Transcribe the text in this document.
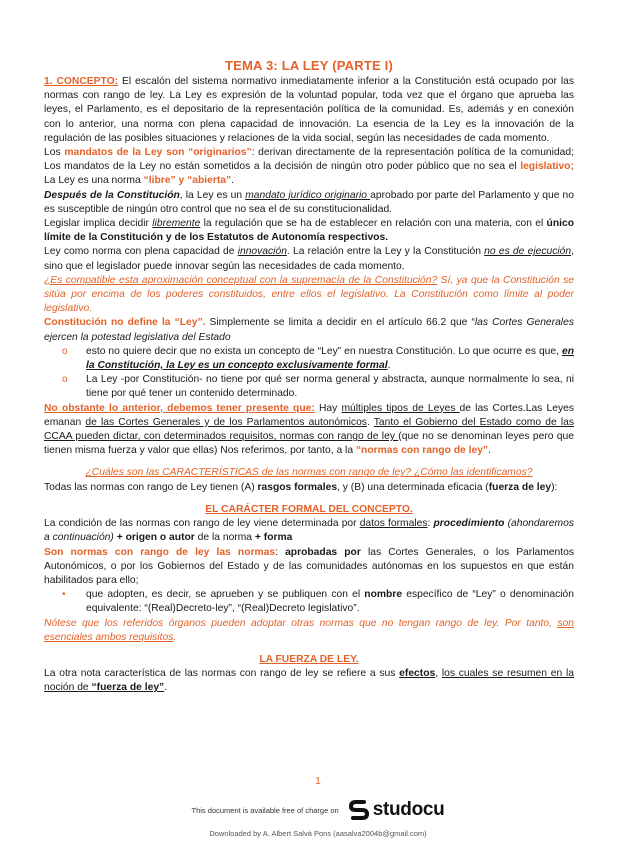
TEMA 3: LA LEY (PARTE I)

1. CONCEPTO: El escalón del sistema normativo inmediatamente inferior a la Constitución está ocupado por las normas con rango de ley. La Ley es expresión de la voluntad popular, toda vez que el órgano que aprueba las leyes, el Parlamento, es el depositario de la representación política de la comunidad. Es, además y en conexión con lo anterior, una norma con plena capacidad de innovación. La esencia de la Ley es la innovación de la regulación de las posibles situaciones y relaciones de la vida social, según las necesidades de cada momento.

Los mandatos de la Ley son “originarios”: derivan directamente de la representación política de la comunidad; Los mandatos de la Ley no están sometidos a la decisión de ningún otro poder público que no sea el legislativo; La Ley es una norma “libre” y “abierta”.

Después de la Constitución, la Ley es un mandato jurídico originario aprobado por parte del Parlamento y que no es susceptible de ningún otro control que no sea el de su constitucionalidad.

Legislar implica decidir libremente la regulación que se ha de establecer en relación con una materia, con el único límite de la Constitución y de los Estatutos de Autonomía respectivos.

Ley como norma con plena capacidad de innovación. La relación entre la Ley y la Constitución no es de ejecución, sino que el legislador puede innovar según las necesidades de cada momento.

¿Es compatible esta aproximación conceptual con la supremacía de la Constitución? Sí, ya que la Constitución se sitúa por encima de los poderes constituidos, entre ellos el legislativo. La Constitución como límite al poder legislativo.

Constitución no define la “Ley”. Simplemente se limita a decidir en el artículo 66.2 que “las Cortes Generales ejercen la potestad legislativa del Estado

o esto no quiere decir que no exista un concepto de “Ley” en nuestra Constitución. Lo que ocurre es que, en la Constitución, la Ley es un concepto exclusivamente formal.
o La Ley -por Constitución- no tiene por qué ser norma general y abstracta, aunque normalmente lo sea, ni tiene por qué tener un contenido determinado.

No obstante lo anterior, debemos tener presente que: Hay múltiples tipos de Leyes de las Cortes.Las Leyes emanan de las Cortes Generales y de los Parlamentos autonómicos. Tanto el Gobierno del Estado como de las CCAA pueden dictar, con determinados requisitos, normas con rango de ley (que no se denominan leyes pero que tienen misma fuerza y valor que ellas) Nos referimos, por tanto, a la “normas con rango de ley”.

¿Cuáles son las CARACTERÍSTICAS de las normas con rango de ley? ¿Cómo las identificamos?

Todas las normas con rango de Ley tienen (A) rasgos formales, y (B) una determinada eficacia (fuerza de ley):

EL CARÁCTER FORMAL DEL CONCEPTO.

La condición de las normas con rango de ley viene determinada por datos formales: procedimiento (ahondaremos a continuación) + origen o autor de la norma + forma

Son normas con rango de ley las normas: aprobadas por las Cortes Generales, o los Parlamentos Autonómicos, o por los Gobiernos del Estado y de las comunidades autónomas en los supuestos en que están habilitados para ello;

• que adopten, es decir, se aprueben y se publiquen con el nombre específico de “Ley” o denominación equivalente: “(Real)Decreto-ley”, “(Real)Decreto legislativo”.

Nótese que los referidos órganos pueden adoptar otras normas que no tengan rango de ley. Por tanto, son esenciales ambos requisitos.

LA FUERZA DE LEY.

La otra nota característica de las normas con rango de ley se refiere a sus efectos, los cuales se resumen en la noción de “fuerza de ley”.

1
This document is available free of charge on studocu
Downloaded by A. Albert Salvà Pons (aasalva2004b@gmail.com)
